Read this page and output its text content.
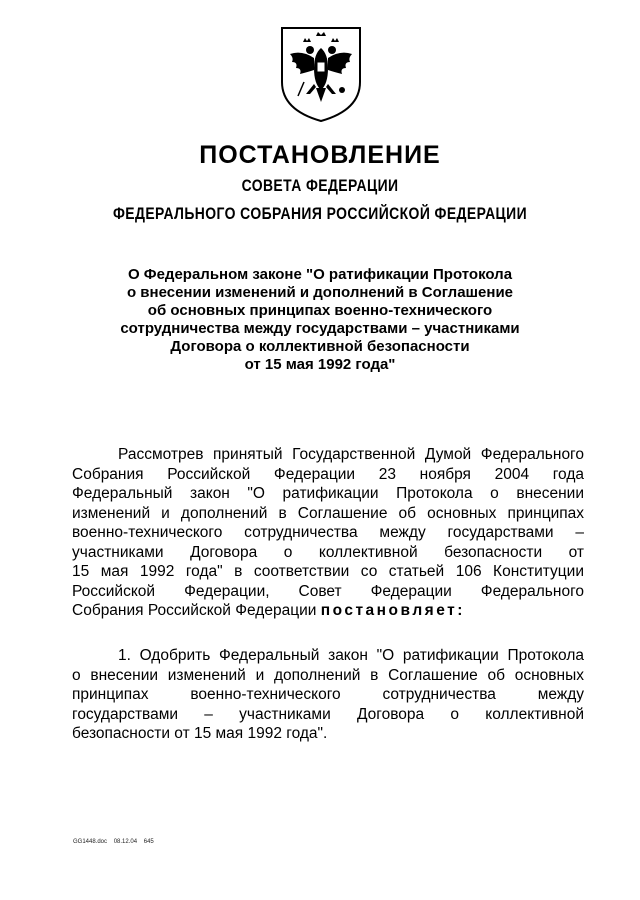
ПОСТАНОВЛЕНИЕ
СОВЕТА ФЕДЕРАЦИИ
ФЕДЕРАЛЬНОГО СОБРАНИЯ РОССИЙСКОЙ ФЕДЕРАЦИИ
О Федеральном законе "О ратификации Протокола
о внесении изменений и дополнений в Соглашение
об основных принципах военно-технического
сотрудничества между государствами – участниками
Договора о коллективной безопасности
от 15 мая 1992 года"
Рассмотрев принятый Государственной Думой Федерального
Собрания Российской Федерации 23 ноября 2004 года
Федеральный закон "О ратификации Протокола о внесении
изменений и дополнений в Соглашение об основных принципах
военно-технического сотрудничества между государствами –
участниками Договора о коллективной безопасности от
15 мая 1992 года" в соответствии со статьей 106 Конституции
Российской Федерации, Совет Федерации Федерального
Собрания Российской Федерации постановляет:
1. Одобрить Федеральный закон "О ратификации Протокола
о внесении изменений и дополнений в Соглашение об основных
принципах военно-технического сотрудничества между
государствами – участниками Договора о коллективной
безопасности от 15 мая 1992 года".
GG1448.doc 08.12.04 645
